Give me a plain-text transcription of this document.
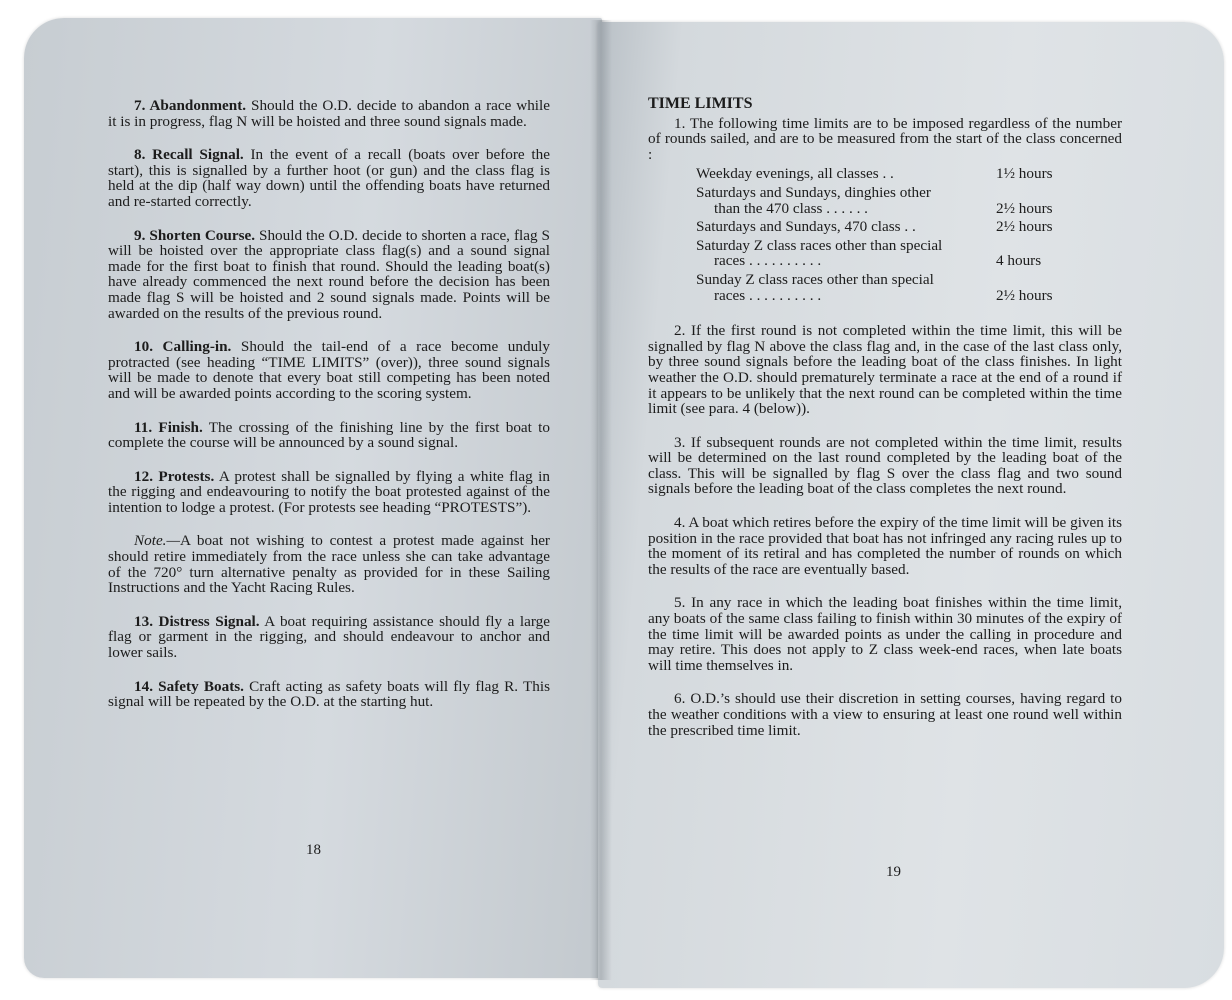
7. Abandonment. Should the O.D. decide to abandon a race while it is in progress, flag N will be hoisted and three sound signals made.

8. Recall Signal. In the event of a recall (boats over before the start), this is signalled by a further hoot (or gun) and the class flag is held at the dip (half way down) until the offending boats have returned and re-started correctly.

9. Shorten Course. Should the O.D. decide to shorten a race, flag S will be hoisted over the appropriate class flag(s) and a sound signal made for the first boat to finish that round. Should the leading boat(s) have already commenced the next round before the decision has been made flag S will be hoisted and 2 sound signals made. Points will be awarded on the results of the previous round.

10. Calling-in. Should the tail-end of a race become unduly protracted (see heading “TIME LIMITS” (over)), three sound signals will be made to denote that every boat still competing has been noted and will be awarded points according to the scoring system.

11. Finish. The crossing of the finishing line by the first boat to complete the course will be announced by a sound signal.

12. Protests. A protest shall be signalled by flying a white flag in the rigging and endeavouring to notify the boat protested against of the intention to lodge a protest. (For protests see heading “PROTESTS”).

Note.—A boat not wishing to contest a protest made against her should retire immediately from the race unless she can take advantage of the 720° turn alternative penalty as provided for in these Sailing Instructions and the Yacht Racing Rules.

13. Distress Signal. A boat requiring assistance should fly a large flag or garment in the rigging, and should endeavour to anchor and lower sails.

14. Safety Boats. Craft acting as safety boats will fly flag R. This signal will be repeated by the O.D. at the starting hut.

18

TIME LIMITS

1. The following time limits are to be imposed regardless of the number of rounds sailed, and are to be measured from the start of the class concerned :

Weekday evenings, all classes . .	1½ hours
Saturdays and Sundays, dinghies other
than the 470 class . . . . . .	2½ hours
Saturdays and Sundays, 470 class . .	2½ hours
Saturday Z class races other than special
races . . . . . . . . . .	4 hours
Sunday Z class races other than special
races . . . . . . . . . .	2½ hours

2. If the first round is not completed within the time limit, this will be signalled by flag N above the class flag and, in the case of the last class only, by three sound signals before the leading boat of the class finishes. In light weather the O.D. should prematurely terminate a race at the end of a round if it appears to be unlikely that the next round can be completed within the time limit (see para. 4 (below)).

3. If subsequent rounds are not completed within the time limit, results will be determined on the last round completed by the leading boat of the class. This will be signalled by flag S over the class flag and two sound signals before the leading boat of the class completes the next round.

4. A boat which retires before the expiry of the time limit will be given its position in the race provided that boat has not infringed any racing rules up to the moment of its retiral and has completed the number of rounds on which the results of the race are eventually based.

5. In any race in which the leading boat finishes within the time limit, any boats of the same class failing to finish within 30 minutes of the expiry of the time limit will be awarded points as under the calling in procedure and may retire. This does not apply to Z class week-end races, when late boats will time themselves in.

6. O.D.’s should use their discretion in setting courses, having regard to the weather conditions with a view to ensuring at least one round well within the prescribed time limit.

19
